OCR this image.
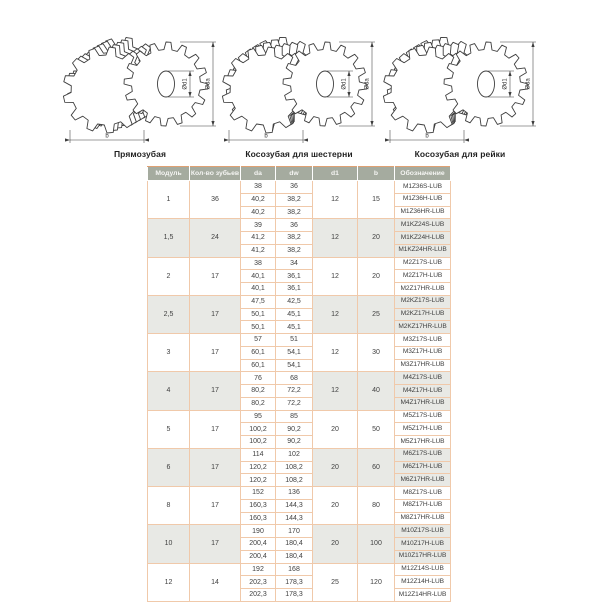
Øda
Ød1
b
Прямозубая
Øda
Ød1
b
Косозубая для шестерни
Øda
Ød1
b
Косозубая для рейки
Модуль	Кол-во зубьев	da	dw	d1	b	Обозначение
1	36	38	36	12	15	M1Z36S-LUB
		40,2	38,2			M1Z36H-LUB
		40,2	38,2			M1Z36HR-LUB
1,5	24	39	36	12	20	M1KZ24S-LUB
		41,2	38,2			M1KZ24H-LUB
		41,2	38,2			M1KZ24HR-LUB
2	17	38	34	12	20	M2Z17S-LUB
		40,1	36,1			M2Z17H-LUB
		40,1	36,1			M2Z17HR-LUB
2,5	17	47,5	42,5	12	25	M2KZ17S-LUB
		50,1	45,1			M2KZ17H-LUB
		50,1	45,1			M2KZ17HR-LUB
3	17	57	51	12	30	M3Z17S-LUB
		60,1	54,1			M3Z17H-LUB
		60,1	54,1			M3Z17HR-LUB
4	17	76	68	12	40	M4Z17S-LUB
		80,2	72,2			M4Z17H-LUB
		80,2	72,2			M4Z17HR-LUB
5	17	95	85	20	50	M5Z17S-LUB
		100,2	90,2			M5Z17H-LUB
		100,2	90,2			M5Z17HR-LUB
6	17	114	102	20	60	M6Z17S-LUB
		120,2	108,2			M6Z17H-LUB
		120,2	108,2			M6Z17HR-LUB
8	17	152	136	20	80	M8Z17S-LUB
		160,3	144,3			M8Z17H-LUB
		160,3	144,3			M8Z17HR-LUB
10	17	190	170	20	100	M10Z17S-LUB
		200,4	180,4			M10Z17H-LUB
		200,4	180,4			M10Z17HR-LUB
12	14	192	168	25	120	M12Z14S-LUB
		202,3	178,3			M12Z14H-LUB
		202,3	178,3			M12Z14HR-LUB
